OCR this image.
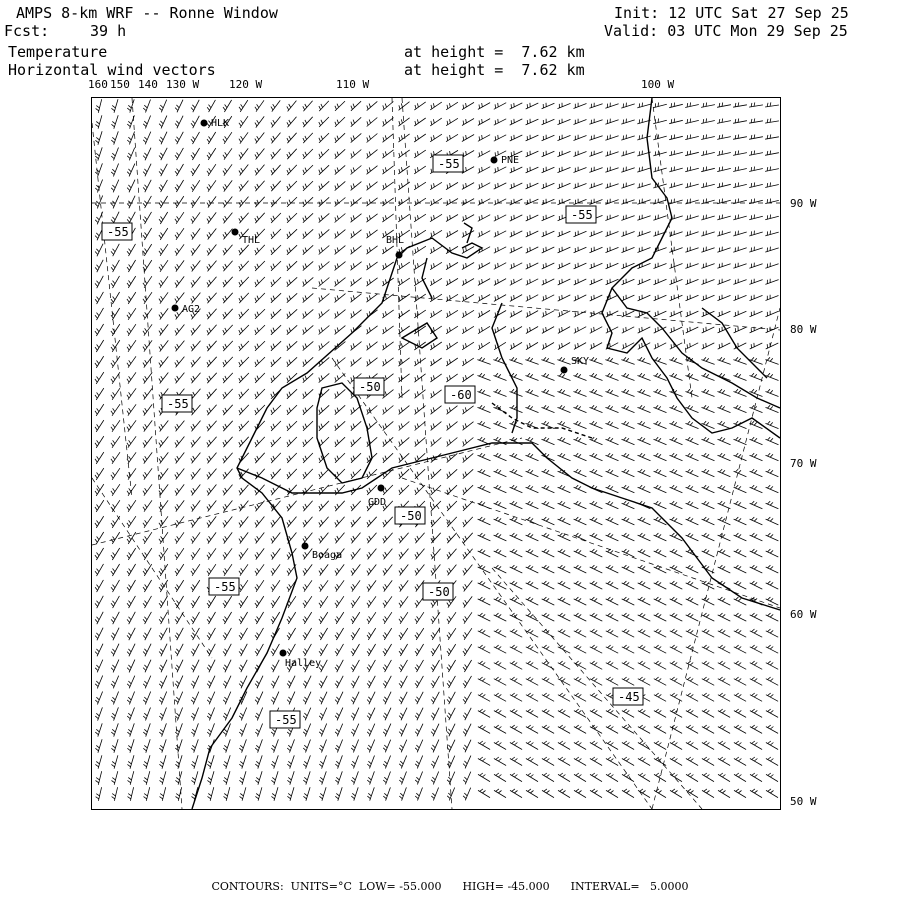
AMPS 8-km WRF -- Ronne Window
Fcst:	39 h
Temperature
Horizontal wind vectors
at height =  7.62 km
at height =  7.62 km
Init: 12 UTC Sat 27 Sep 25
Valid: 03 UTC Mon 29 Sep 25
160 150 140 130 W	120 W	110 W	100 W
90 W
80 W
70 W
60 W
50 W
HLK
PNE
THL	BHL
AG2
SKY
GDD
Boaga
Halley
-55
-55
-55
-50
-60
-55
-50
-55	-50
-45
-55
CONTOURS:  UNITS=°C  LOW= -55.000      HIGH= -45.000      INTERVAL=   5.0000
